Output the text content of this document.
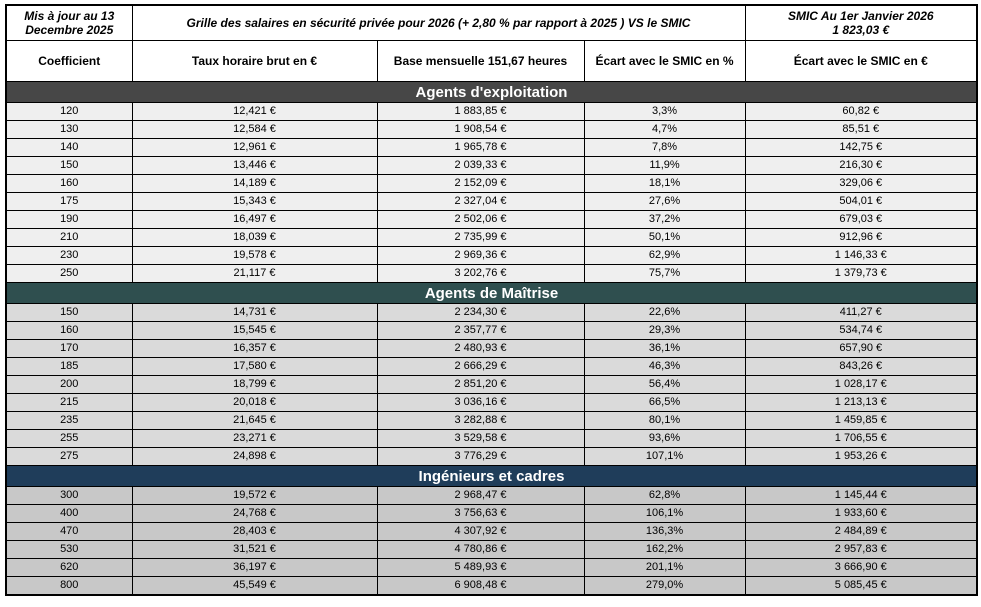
Mis à jour au 13 Decembre 2025	Grille des salaires en sécurité privée pour 2026 (+ 2,80 % par rapport à 2025 ) VS le SMIC			SMIC Au 1er Janvier 2026
1 823,03 €

Coefficient	Taux horaire brut en €	Base mensuelle 151,67 heures	Écart avec le SMIC en %	Écart avec le SMIC en €
Agents d'exploitation				
120	12,421 €	1 883,85 €	3,3%	60,82 €
130	12,584 €	1 908,54 €	4,7%	85,51 €
140	12,961 €	1 965,78 €	7,8%	142,75 €
150	13,446 €	2 039,33 €	11,9%	216,30 €
160	14,189 €	2 152,09 €	18,1%	329,06 €
175	15,343 €	2 327,04 €	27,6%	504,01 €
190	16,497 €	2 502,06 €	37,2%	679,03 €
210	18,039 €	2 735,99 €	50,1%	912,96 €
230	19,578 €	2 969,36 €	62,9%	1 146,33 €
250	21,117 €	3 202,76 €	75,7%	1 379,73 €
Agents de Maîtrise				
150	14,731 €	2 234,30 €	22,6%	411,27 €
160	15,545 €	2 357,77 €	29,3%	534,74 €
170	16,357 €	2 480,93 €	36,1%	657,90 €
185	17,580 €	2 666,29 €	46,3%	843,26 €
200	18,799 €	2 851,20 €	56,4%	1 028,17 €
215	20,018 €	3 036,16 €	66,5%	1 213,13 €
235	21,645 €	3 282,88 €	80,1%	1 459,85 €
255	23,271 €	3 529,58 €	93,6%	1 706,55 €
275	24,898 €	3 776,29 €	107,1%	1 953,26 €
Ingénieurs et cadres				
300	19,572 €	2 968,47 €	62,8%	1 145,44 €
400	24,768 €	3 756,63 €	106,1%	1 933,60 €
470	28,403 €	4 307,92 €	136,3%	2 484,89 €
530	31,521 €	4 780,86 €	162,2%	2 957,83 €
620	36,197 €	5 489,93 €	201,1%	3 666,90 €
800	45,549 €	6 908,48 €	279,0%	5 085,45 €
